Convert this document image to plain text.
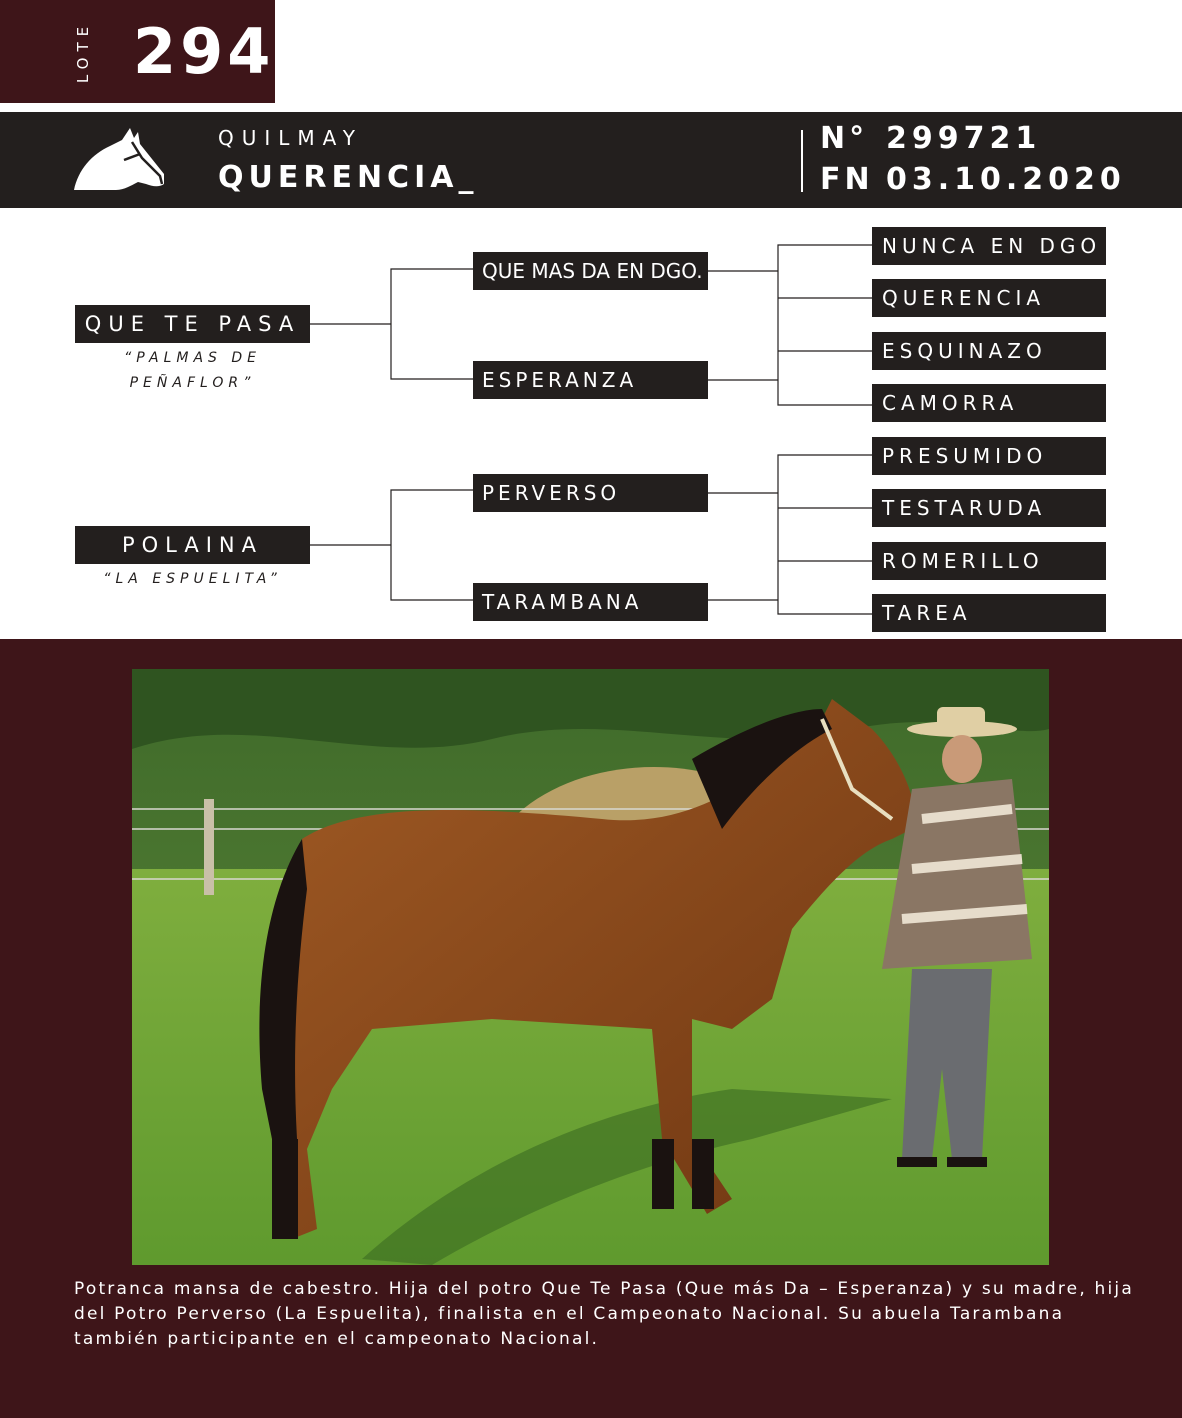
LOTE 294
QUILMAY
QUERENCIA_
N° 299721
FN 03.10.2020
QUE TE PASA
“PALMAS DE
PEÑAFLOR”
POLAINA
“LA ESPUELITA”
QUE MAS DA EN DGO.
ESPERANZA
PERVERSO
TARAMBANA
NUNCA EN DGO
QUERENCIA
ESQUINAZO
CAMORRA
PRESUMIDO
TESTARUDA
ROMERILLO
TAREA
Potranca mansa de cabestro. Hija del potro Que Te Pasa (Que más Da – Esperanza) y su madre, hija del Potro Perverso (La Espuelita), finalista en el Campeonato Nacional. Su abuela Tarambana también participante en el campeonato Nacional.
